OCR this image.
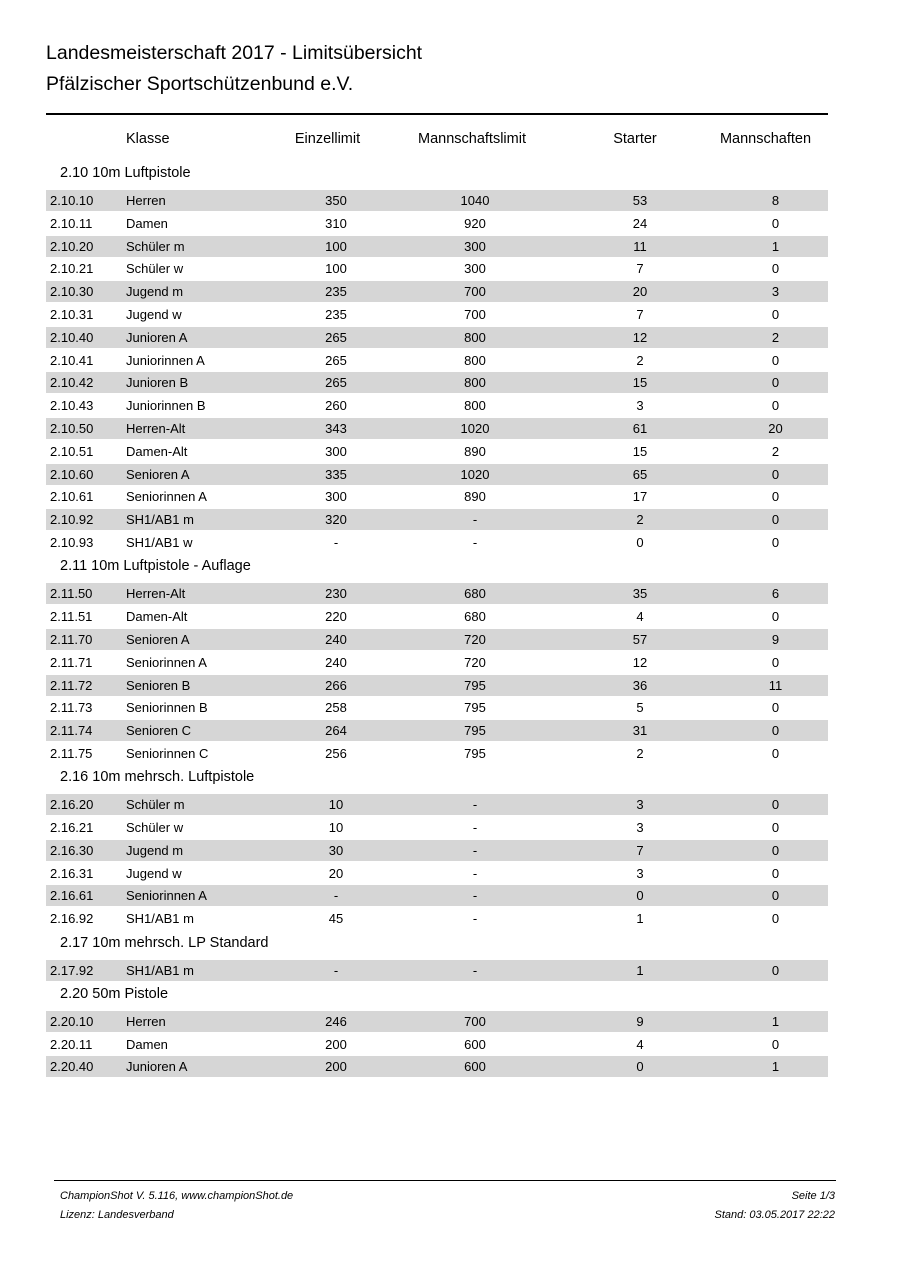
Landesmeisterschaft 2017 - Limitsübersicht
Pfälzischer Sportschützenbund e.V.
Klasse	Einzellimit	Mannschaftslimit	Starter	Mannschaften
2.10 10m Luftpistole
2.10.10	Herren	350	1040	53	8
2.10.11	Damen	310	920	24	0
2.10.20	Schüler m	100	300	11	1
2.10.21	Schüler w	100	300	7	0
2.10.30	Jugend m	235	700	20	3
2.10.31	Jugend w	235	700	7	0
2.10.40	Junioren A	265	800	12	2
2.10.41	Juniorinnen A	265	800	2	0
2.10.42	Junioren B	265	800	15	0
2.10.43	Juniorinnen B	260	800	3	0
2.10.50	Herren-Alt	343	1020	61	20
2.10.51	Damen-Alt	300	890	15	2
2.10.60	Senioren A	335	1020	65	0
2.10.61	Seniorinnen A	300	890	17	0
2.10.92	SH1/AB1 m	320	-	2	0
2.10.93	SH1/AB1 w	-	-	0	0
2.11 10m Luftpistole - Auflage
2.11.50	Herren-Alt	230	680	35	6
2.11.51	Damen-Alt	220	680	4	0
2.11.70	Senioren A	240	720	57	9
2.11.71	Seniorinnen A	240	720	12	0
2.11.72	Senioren B	266	795	36	11
2.11.73	Seniorinnen B	258	795	5	0
2.11.74	Senioren C	264	795	31	0
2.11.75	Seniorinnen C	256	795	2	0
2.16 10m mehrsch. Luftpistole
2.16.20	Schüler m	10	-	3	0
2.16.21	Schüler w	10	-	3	0
2.16.30	Jugend m	30	-	7	0
2.16.31	Jugend w	20	-	3	0
2.16.61	Seniorinnen A	-	-	0	0
2.16.92	SH1/AB1 m	45	-	1	0
2.17 10m mehrsch. LP Standard
2.17.92	SH1/AB1 m	-	-	1	0
2.20 50m Pistole
2.20.10	Herren	246	700	9	1
2.20.11	Damen	200	600	4	0
2.20.40	Junioren A	200	600	0	1
ChampionShot V. 5.116, www.championShot.de
Lizenz: Landesverband
Seite 1/3
Stand: 03.05.2017 22:22
